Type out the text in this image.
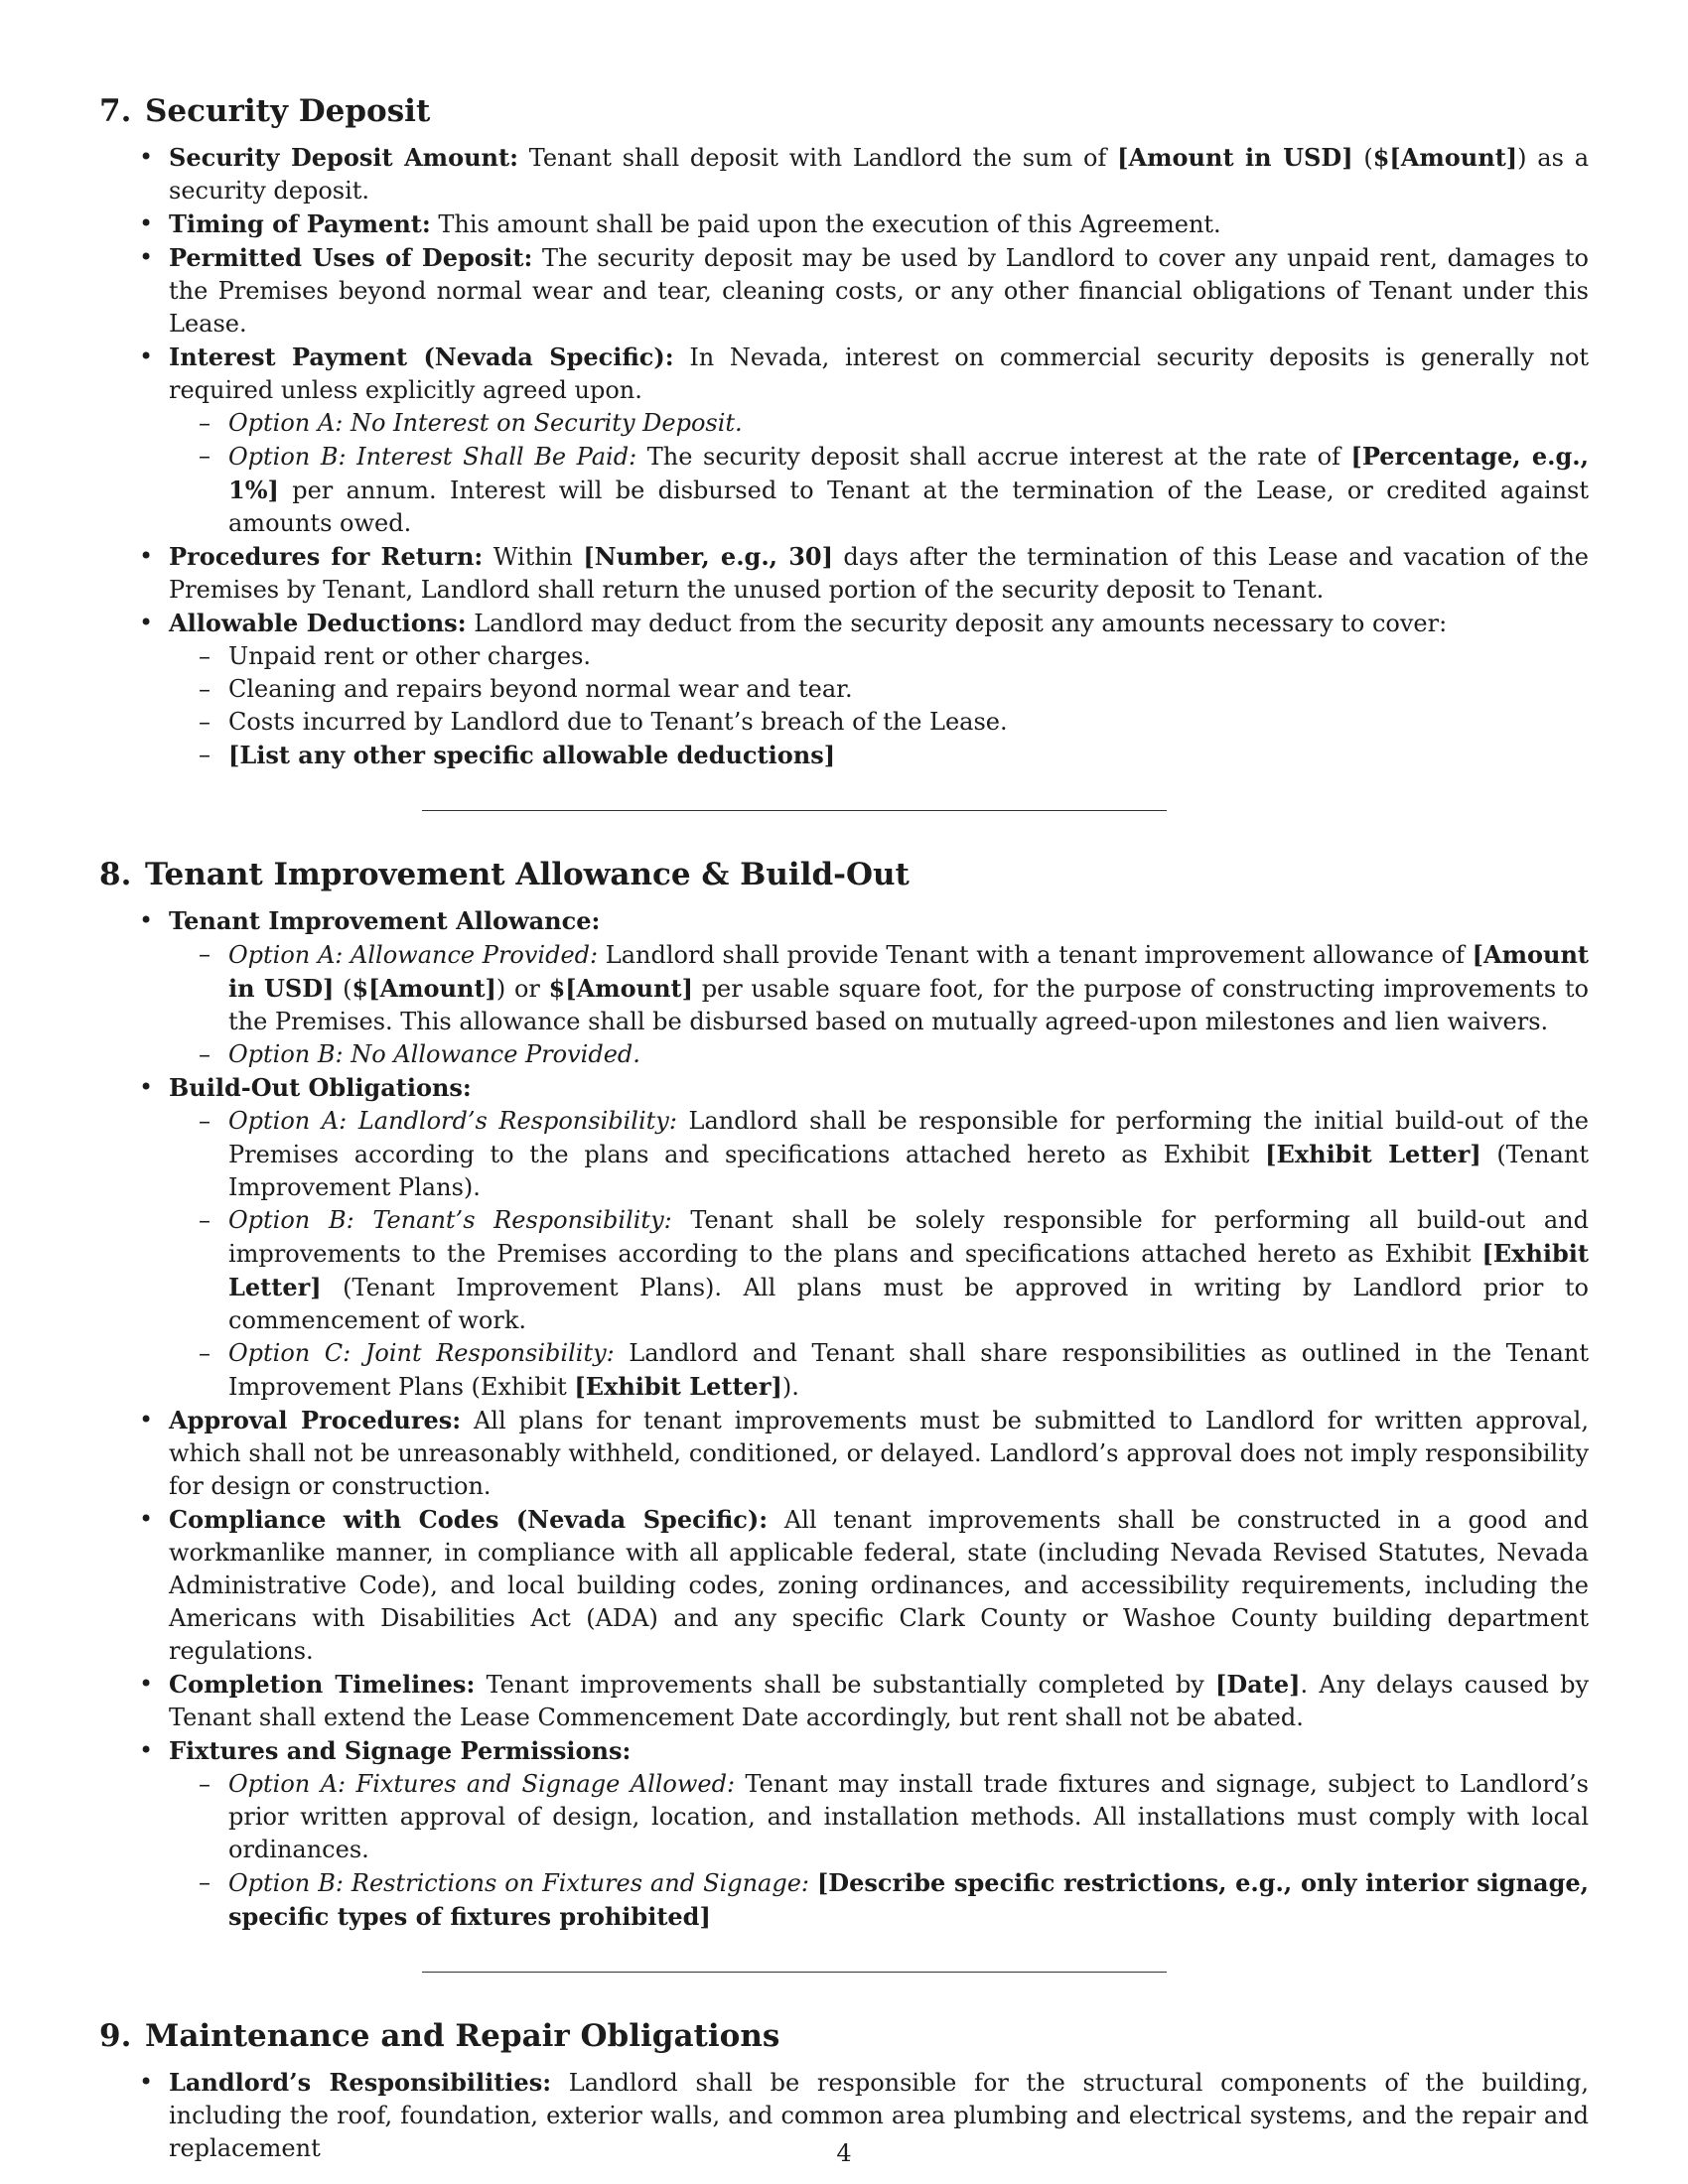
7. Security Deposit
• Security Deposit Amount: Tenant shall deposit with Landlord the sum of [Amount in USD] ($[Amount]) as a security deposit.
• Timing of Payment: This amount shall be paid upon the execution of this Agreement.
• Permitted Uses of Deposit: The security deposit may be used by Landlord to cover any unpaid rent, damages to the Premises beyond normal wear and tear, cleaning costs, or any other financial obligations of Tenant under this Lease.
• Interest Payment (Nevada Specific): In Nevada, interest on commercial security deposits is generally not required unless explicitly agreed upon.
– Option A: No Interest on Security Deposit.
– Option B: Interest Shall Be Paid: The security deposit shall accrue interest at the rate of [Percentage, e.g., 1%] per annum. Interest will be disbursed to Tenant at the termination of the Lease, or credited against amounts owed.
• Procedures for Return: Within [Number, e.g., 30] days after the termination of this Lease and vacation of the Premises by Tenant, Landlord shall return the unused portion of the security deposit to Tenant.
• Allowable Deductions: Landlord may deduct from the security deposit any amounts necessary to cover:
– Unpaid rent or other charges.
– Cleaning and repairs beyond normal wear and tear.
– Costs incurred by Landlord due to Tenant’s breach of the Lease.
– [List any other specific allowable deductions]
8. Tenant Improvement Allowance & Build-Out
• Tenant Improvement Allowance:
– Option A: Allowance Provided: Landlord shall provide Tenant with a tenant improvement allowance of [Amount in USD] ($[Amount]) or $[Amount] per usable square foot, for the purpose of constructing improvements to the Premises. This allowance shall be disbursed based on mutually agreed-upon milestones and lien waivers.
– Option B: No Allowance Provided.
• Build-Out Obligations:
– Option A: Landlord’s Responsibility: Landlord shall be responsible for performing the initial build-out of the Premises according to the plans and specifications attached hereto as Exhibit [Exhibit Letter] (Tenant Improvement Plans).
– Option B: Tenant’s Responsibility: Tenant shall be solely responsible for performing all build-out and improvements to the Premises according to the plans and specifications attached hereto as Exhibit [Exhibit Letter] (Tenant Improvement Plans). All plans must be approved in writing by Landlord prior to commencement of work.
– Option C: Joint Responsibility: Landlord and Tenant shall share responsibilities as outlined in the Tenant Improvement Plans (Exhibit [Exhibit Letter]).
• Approval Procedures: All plans for tenant improvements must be submitted to Landlord for written approval, which shall not be unreasonably withheld, conditioned, or delayed. Landlord’s approval does not imply responsibility for design or construction.
• Compliance with Codes (Nevada Specific): All tenant improvements shall be constructed in a good and workmanlike manner, in compliance with all applicable federal, state (including Nevada Revised Statutes, Nevada Administrative Code), and local building codes, zoning ordinances, and accessibility requirements, including the Americans with Disabilities Act (ADA) and any specific Clark County or Washoe County building department regulations.
• Completion Timelines: Tenant improvements shall be substantially completed by [Date]. Any delays caused by Tenant shall extend the Lease Commencement Date accordingly, but rent shall not be abated.
• Fixtures and Signage Permissions:
– Option A: Fixtures and Signage Allowed: Tenant may install trade fixtures and signage, subject to Landlord’s prior written approval of design, location, and installation methods. All installations must comply with local ordinances.
– Option B: Restrictions on Fixtures and Signage: [Describe specific restrictions, e.g., only interior signage, specific types of fixtures prohibited]
9. Maintenance and Repair Obligations
• Landlord’s Responsibilities: Landlord shall be responsible for the structural components of the building, including the roof, foundation, exterior walls, and common area plumbing and electrical systems, and the repair and replacement	4
